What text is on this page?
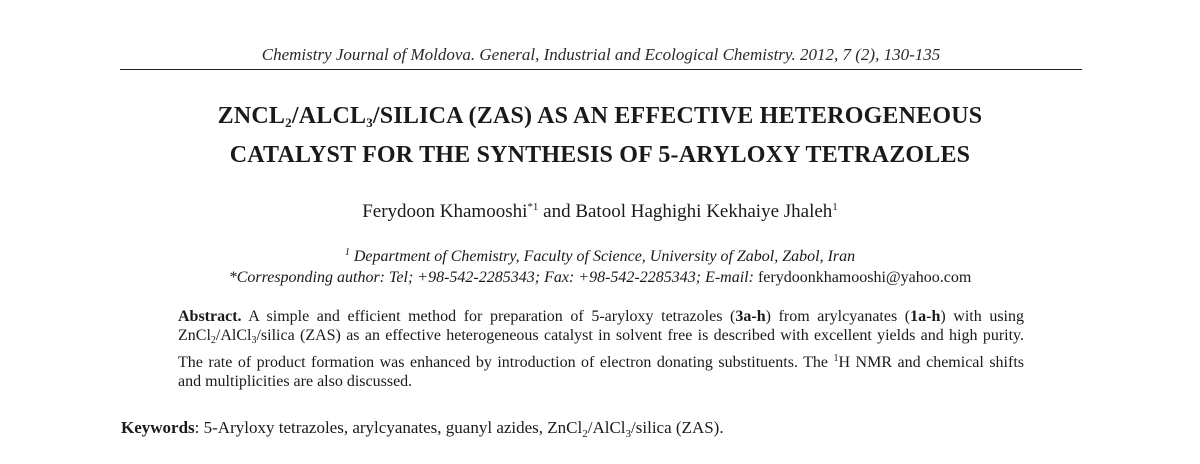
Chemistry Journal of Moldova. General, Industrial and Ecological Chemistry. 2012, 7 (2), 130-135
$ZNCL_2/ALCL_3$/SILICA (ZAS) AS AN EFFECTIVE HETEROGENEOUS
CATALYST FOR THE SYNTHESIS OF 5-ARYLOXY TETRAZOLES
Ferydoon Khamooshi$^{*1}$ and Batool Haghighi Kekhaiye Jhaleh$^1$
$^1$ Department of Chemistry, Faculty of Science, University of Zabol, Zabol, Iran
*Corresponding author: Tel; +98-542-2285343; Fax: +98-542-2285343; E-mail: ferydoonkhamooshi@yahoo.com
Abstract. A simple and efficient method for preparation of 5-aryloxy tetrazoles (3a-h) from arylcyanates (1a-h) with using ZnCl$_2$/AlCl$_3$/silica (ZAS) as an effective heterogeneous catalyst in solvent free is described with excellent yields and high purity. The rate of product formation was enhanced by introduction of electron donating substituents. The $^1$H NMR and chemical shifts and multiplicities are also discussed.
Keywords: 5-Aryloxy tetrazoles, arylcyanates, guanyl azides, ZnCl$_2$/AlCl$_3$/silica (ZAS).
